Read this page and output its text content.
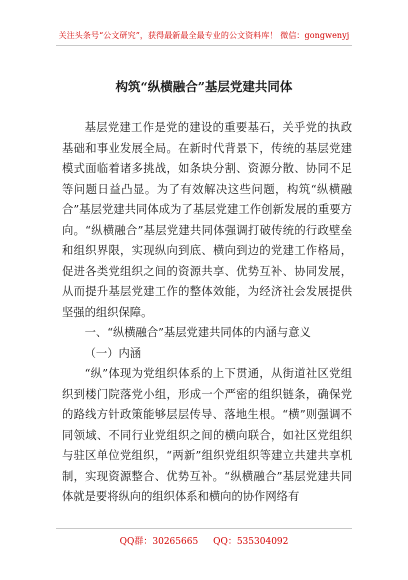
关注头条号“公文研究”，获得最新最全最专业的公文资料库！ 微信：gongwenyj
构筑“纵横融合”基层党建共同体

基层党建工作是党的建设的重要基石，关乎党的执政基础和事业发展全局。在新时代背景下，传统的基层党建模式面临着诸多挑战，如条块分割、资源分散、协同不足等问题日益凸显。为了有效解决这些问题，构筑“纵横融合”基层党建共同体成为了基层党建工作创新发展的重要方向。“纵横融合”基层党建共同体强调打破传统的行政壁垒和组织界限，实现纵向到底、横向到边的党建工作格局，促进各类党组织之间的资源共享、优势互补、协同发展，从而提升基层党建工作的整体效能，为经济社会发展提供坚强的组织保障。

一、“纵横融合”基层党建共同体的内涵与意义

（一）内涵

“纵”体现为党组织体系的上下贯通，从街道社区党组织到楼门院落党小组，形成一个严密的组织链条，确保党的路线方针政策能够层层传导、落地生根。“横”则强调不同领域、不同行业党组织之间的横向联合，如社区党组织与驻区单位党组织，“两新”组织党组织等建立共建共享机制，实现资源整合、优势互补。“纵横融合”基层党建共同体就是要将纵向的组织体系和横向的协作网络有

QQ群：30265665 QQ：535304092
